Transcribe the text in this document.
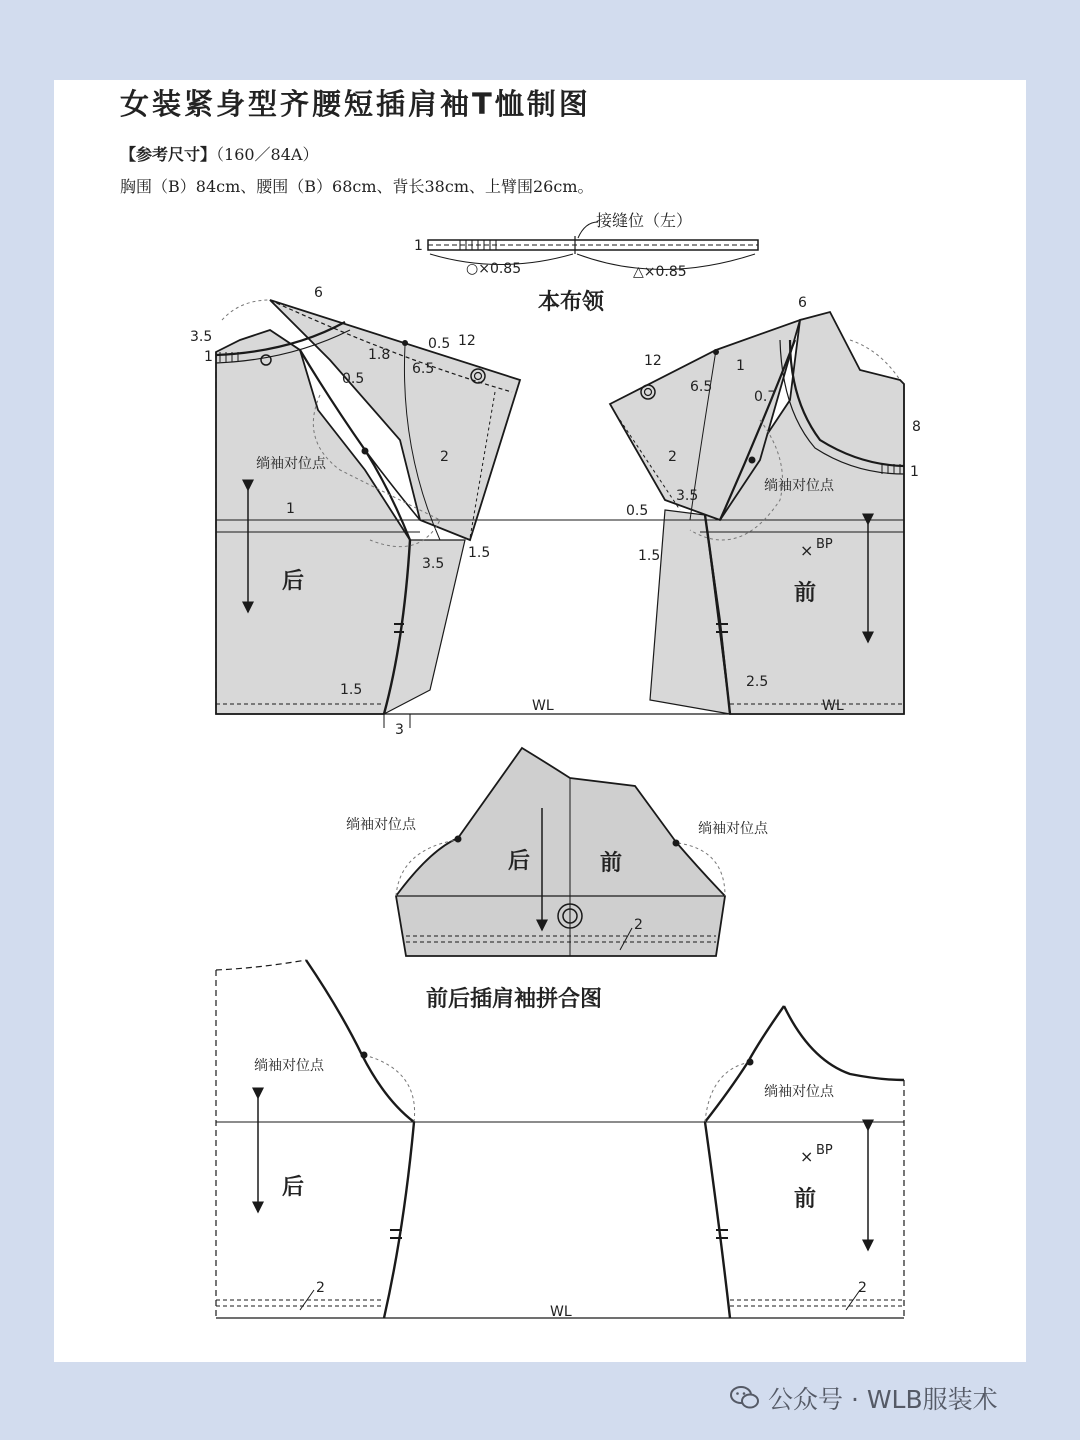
女装紧身型齐腰短插肩袖T恤制图
【参考尺寸】（160／84A）
胸围（B）84cm、腰围（B）68cm、背长38cm、上臂围26cm。
1
接缝位（左）
○×0.85	△×0.85
本布领
后
绱袖对位点
3.5
1
6
0.5
1.8
6.5
12
0.5
2
1
1.5
3.5
1.5
3
WL
×
前
绱袖对位点
BP
6
12	1
6.5
0.7
8
1
2
3.5
0.5
1.5
2.5
WL
后	前
绱袖对位点	绱袖对位点
2
前后插肩袖拼合图
×
后	前
绱袖对位点
绱袖对位点
BP
2	2
WL
公众号 · WLB服装术
